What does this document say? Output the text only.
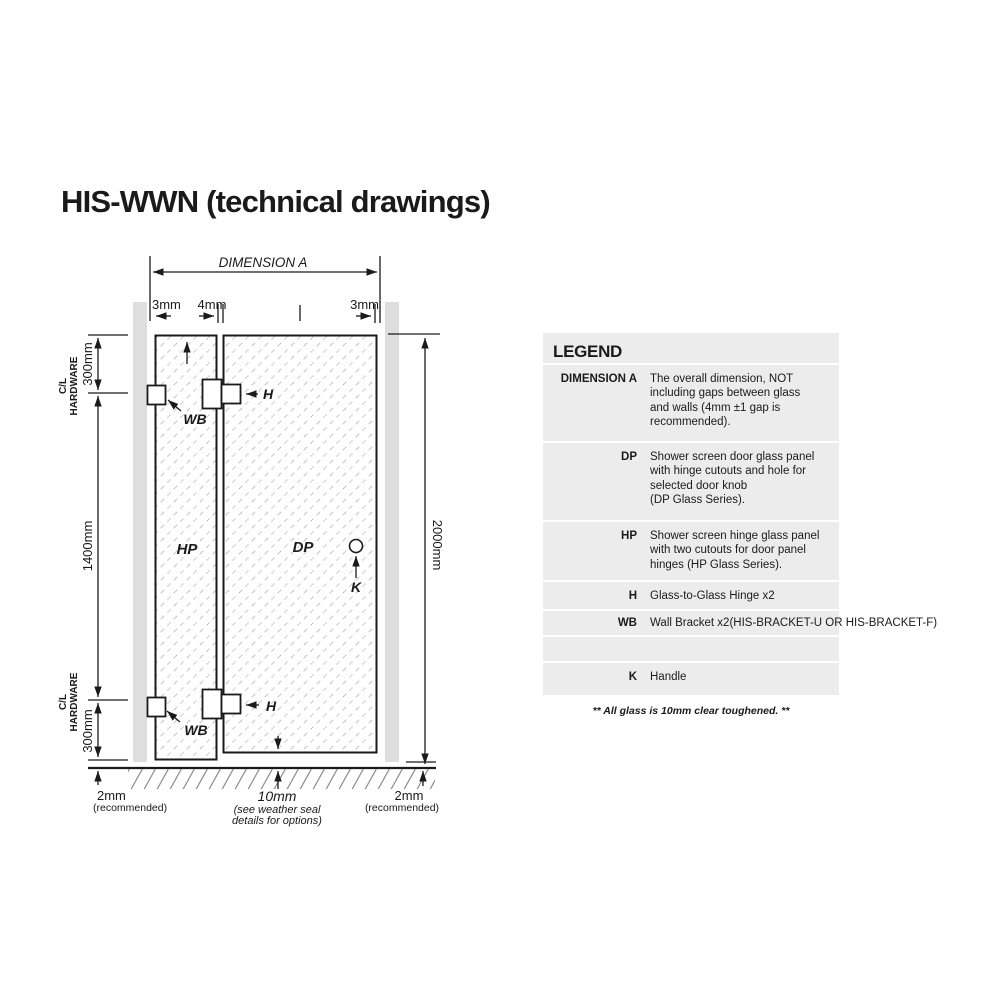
HIS-WWN (technical drawings)
DIMENSION A
3mm 4mm	3mm
C/L HARDWARE 300mm
1400mm
C/L HARDWARE 300mm
2000mm
WB
WB
H
H
K
HP	DP
2mm
(recommended)
10mm
(see weather seal
details for options)
2mm
(recommended)
LEGEND
DIMENSION A The overall dimension, NOT
including gaps between glass
and walls (4mm ±1 gap is
recommended).
DP Shower screen door glass panel
with hinge cutouts and hole for
selected door knob
(DP Glass Series).
HP Shower screen hinge glass panel
with two cutouts for door panel
hinges (HP Glass Series).
H Glass-to-Glass Hinge x2
WB Wall Bracket x2(HIS-BRACKET-U OR HIS-BRACKET-F)
K Handle
** All glass is 10mm clear toughened. **
